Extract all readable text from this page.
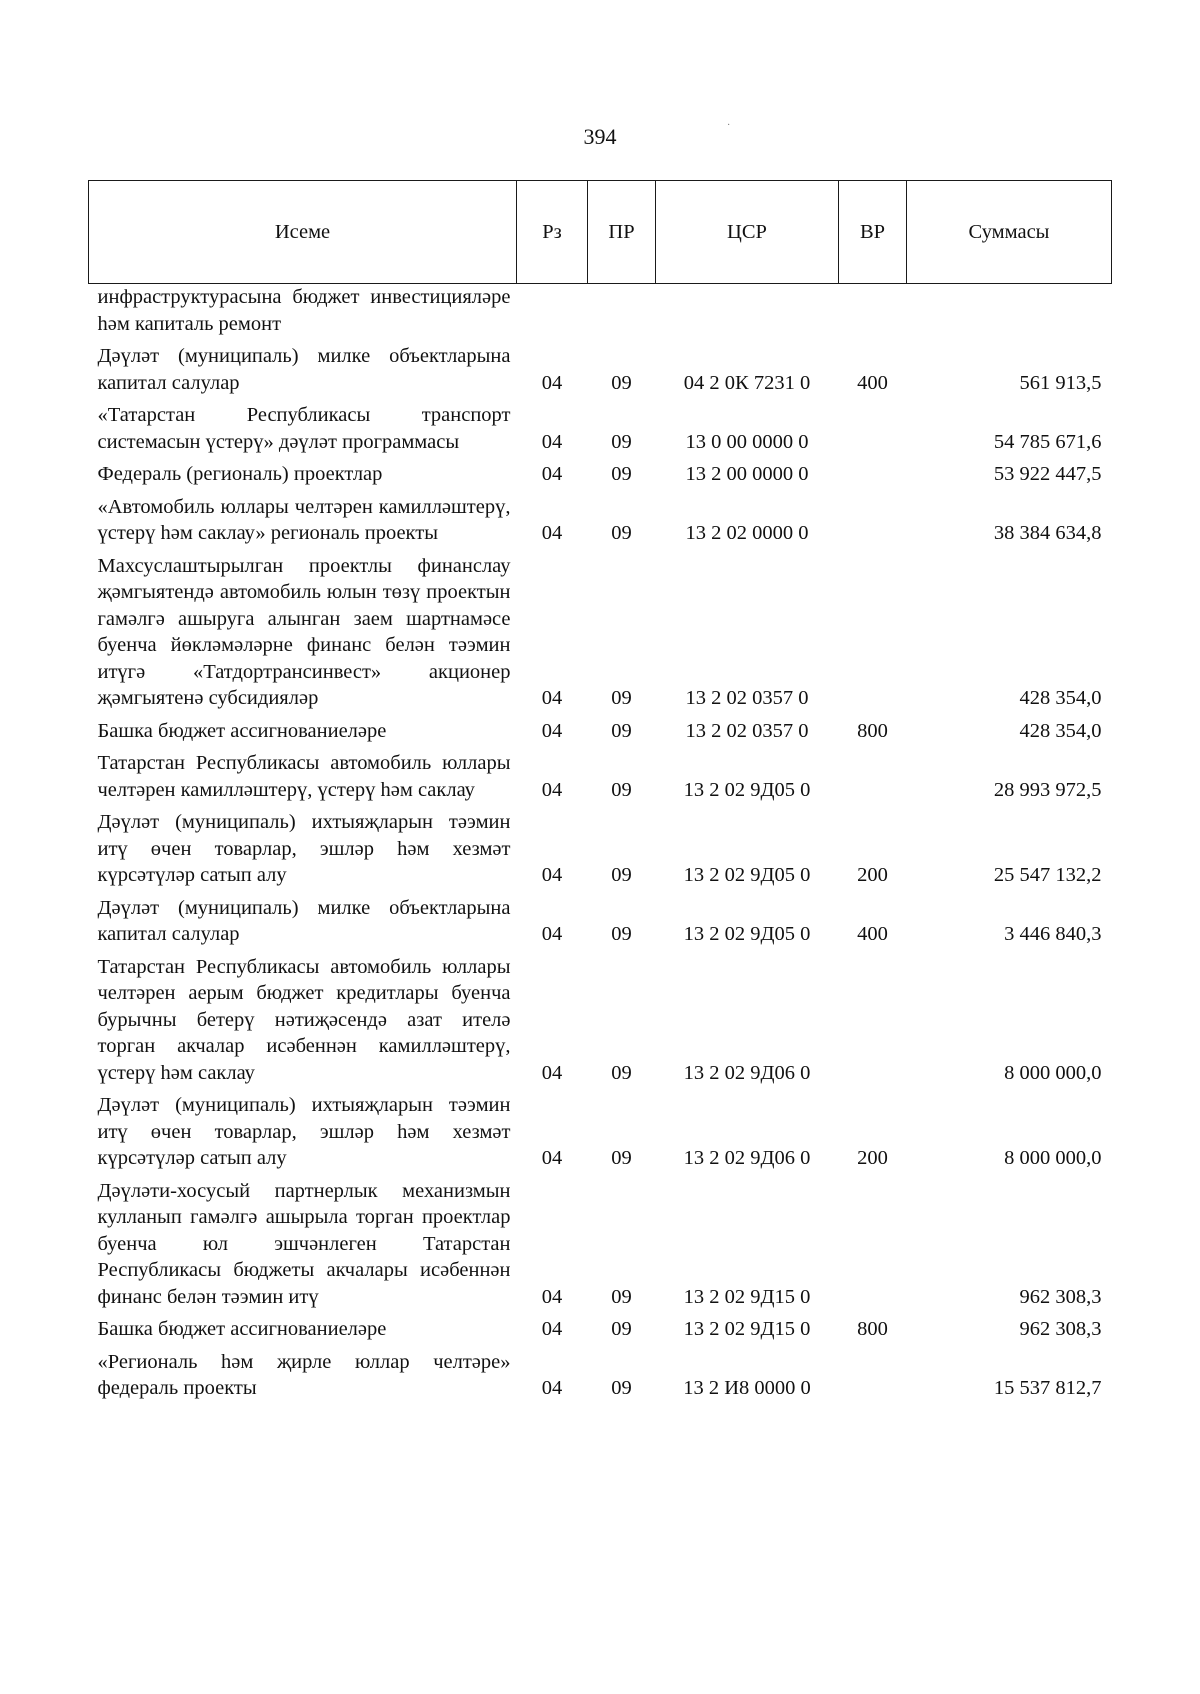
394	·
Исеме	Рз	ПР	ЦСР	ВР	Суммасы
инфраструктурасына бюджет инвестицияләре һәм капиталь ремонт					
Дәүләт (муниципаль) милке объектларына капитал салулар	04	09	04 2 0К 7231 0	400	561 913,5
«Татарстан Республикасы транспорт системасын үстерү» дәүләт программасы	04	09	13 0 00 0000 0		54 785 671,6
Федераль (региональ) проектлар	04	09	13 2 00 0000 0		53 922 447,5
«Автомобиль юллары челтәрен камилләштерү, үстерү һәм саклау» региональ проекты	04	09	13 2 02 0000 0		38 384 634,8
Махсуслаштырылган проектлы финанслау җәмгыятендә автомобиль юлын төзү проектын гамәлгә ашыруга алынган заем шартнамәсе буенча йөкләмәләрне финанс белән тәэмин итүгә «Татдортрансинвест» акционер җәмгыятенә субсидияләр	04	09	13 2 02 0357 0		428 354,0
Башка бюджет ассигнованиеләре	04	09	13 2 02 0357 0	800	428 354,0
Татарстан Республикасы автомобиль юллары челтәрен камилләштерү, үстерү һәм саклау	04	09	13 2 02 9Д05 0		28 993 972,5
Дәүләт (муниципаль) ихтыяҗларын тәэмин итү өчен товарлар, эшләр һәм хезмәт күрсәтүләр сатып алу	04	09	13 2 02 9Д05 0	200	25 547 132,2
Дәүләт (муниципаль) милке объектларына капитал салулар	04	09	13 2 02 9Д05 0	400	3 446 840,3
Татарстан Республикасы автомобиль юллары челтәрен аерым бюджет кредитлары буенча бурычны бетерү нәтиҗәсендә азат ителә торган акчалар исәбеннән камилләштерү, үстерү һәм саклау	04	09	13 2 02 9Д06 0		8 000 000,0
Дәүләт (муниципаль) ихтыяҗларын тәэмин итү өчен товарлар, эшләр һәм хезмәт күрсәтүләр сатып алу	04	09	13 2 02 9Д06 0	200	8 000 000,0
Дәүләти-хосусый партнерлык механизмын кулланып гамәлгә ашырыла торган проектлар буенча юл эшчәнлеген Татарстан Республикасы бюджеты акчалары исәбеннән финанс белән тәэмин итү	04	09	13 2 02 9Д15 0		962 308,3
Башка бюджет ассигнованиеләре	04	09	13 2 02 9Д15 0	800	962 308,3
«Региональ һәм җирле юллар челтәре» федераль проекты	04	09	13 2 И8 0000 0		15 537 812,7
